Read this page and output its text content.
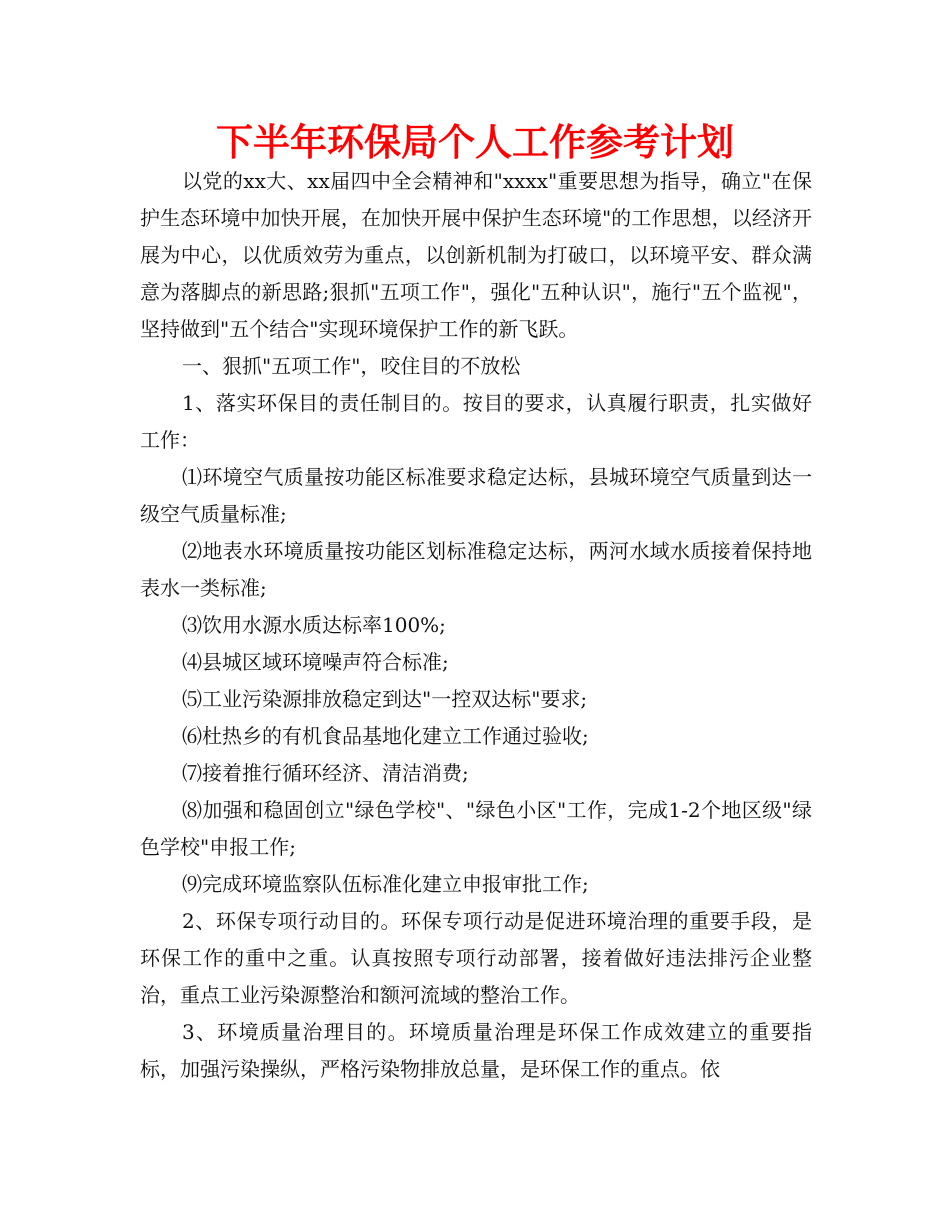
下半年环保局个人工作参考计划

以党的xx大、xx届四中全会精神和"xxxx"重要思想为指导，确立"在保护生态环境中加快开展，在加快开展中保护生态环境"的工作思想，以经济开展为中心，以优质效劳为重点，以创新机制为打破口，以环境平安、群众满意为落脚点的新思路;狠抓"五项工作"，强化"五种认识"，施行"五个监视"，坚持做到"五个结合"实现环境保护工作的新飞跃。

一、狠抓"五项工作"，咬住目的不放松

1、落实环保目的责任制目的。按目的要求，认真履行职责，扎实做好工作：

⑴环境空气质量按功能区标准要求稳定达标，县城环境空气质量到达一级空气质量标准;

⑵地表水环境质量按功能区划标准稳定达标，两河水域水质接着保持地表水一类标准;

⑶饮用水源水质达标率100%;

⑷县城区域环境噪声符合标准;

⑸工业污染源排放稳定到达"一控双达标"要求;

⑹杜热乡的有机食品基地化建立工作通过验收;

⑺接着推行循环经济、清洁消费;

⑻加强和稳固创立"绿色学校"、"绿色小区"工作，完成1-2个地区级"绿色学校"申报工作;

⑼完成环境监察队伍标准化建立申报审批工作;

2、环保专项行动目的。环保专项行动是促进环境治理的重要手段，是环保工作的重中之重。认真按照专项行动部署，接着做好违法排污企业整治，重点工业污染源整治和额河流域的整治工作。

3、环境质量治理目的。环境质量治理是环保工作成效建立的重要指标，加强污染操纵，严格污染物排放总量，是环保工作的重点。依
